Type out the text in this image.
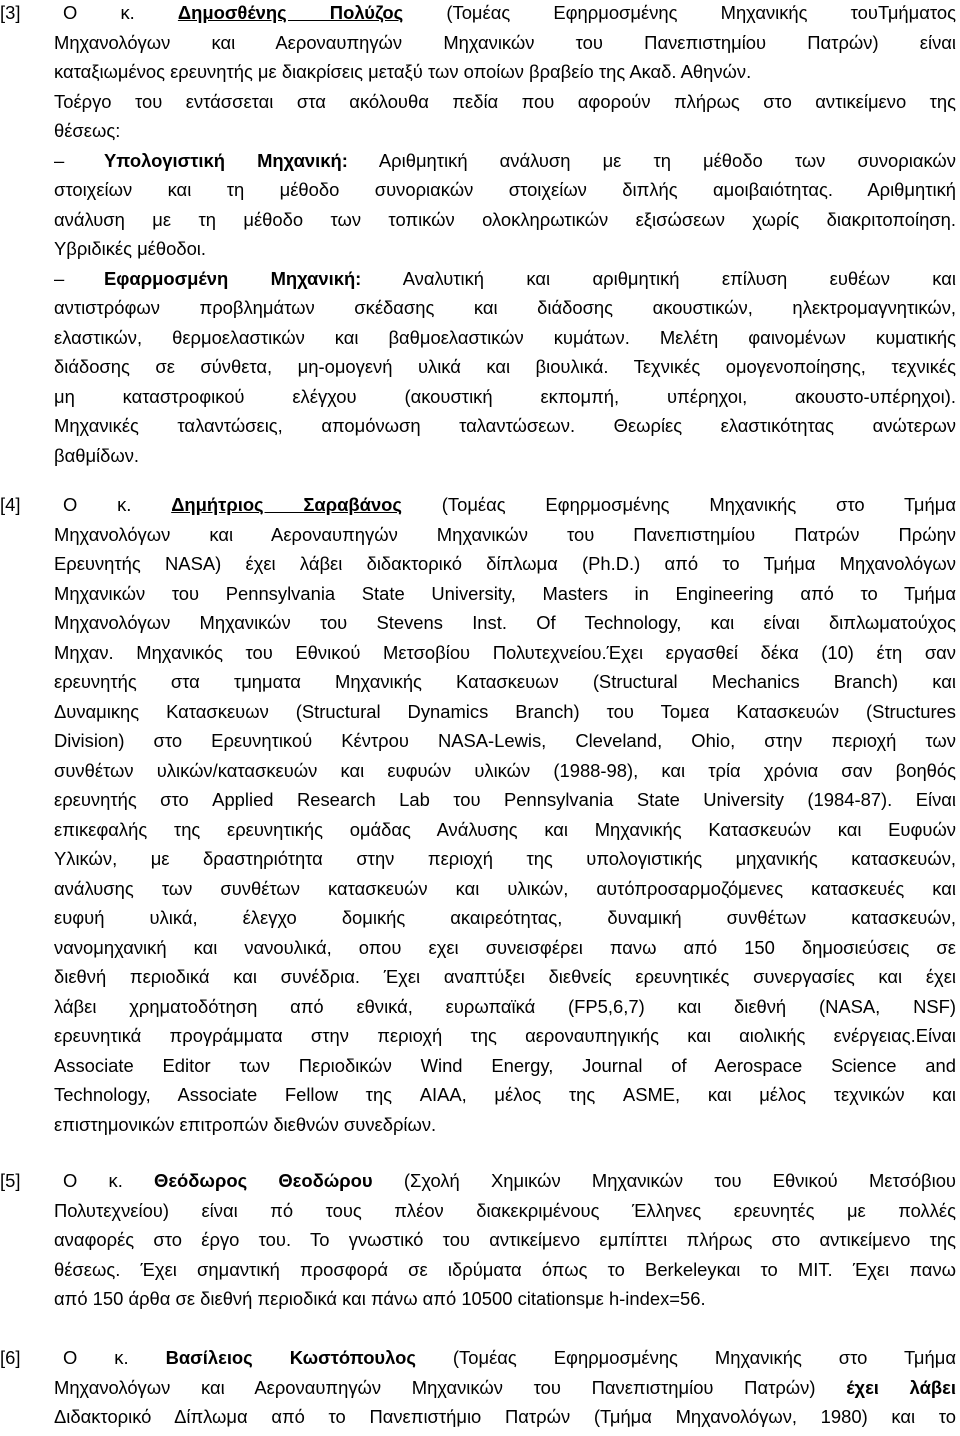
[3]	Ο κ. Δημοσθένης Πολύζος (Τομέας Εφηρμοσμένης Μηχανικής τουΤμήματος
Μηχανολόγων και Αεροναυπηγών Μηχανικών του Πανεπιστημίου Πατρών) είναι
καταξιωμένος ερευνητής με διακρίσεις μεταξύ των οποίων βραβείο της Ακαδ. Αθηνών.
Τοέργο του εντάσσεται στα ακόλουθα πεδία που αφορούν πλήρως στο αντικείμενο της
θέσεως:
– Υπολογιστική Μηχανική: Αριθμητική ανάλυση με τη μέθοδο των συνοριακών
στοιχείων και τη μέθοδο συνοριακών στοιχείων διπλής αμοιβαιότητας. Αριθμητική
ανάλυση με τη μέθοδο των τοπικών ολοκληρωτικών εξισώσεων χωρίς διακριτοποίηση.
Υβριδικές μέθοδοι.
– Εφαρμοσμένη Μηχανική: Αναλυτική και αριθμητική επίλυση ευθέων και
αντιστρόφων προβλημάτων σκέδασης και διάδοσης ακουστικών, ηλεκτρομαγνητικών,
ελαστικών, θερμοελαστικών και βαθμοελαστικών κυμάτων. Μελέτη φαινομένων κυματικής
διάδοσης σε σύνθετα, μη-ομογενή υλικά και βιουλικά. Τεχνικές ομογενοποίησης, τεχνικές
μη καταστροφικού ελέγχου (ακουστική εκπομπή, υπέρηχοι, ακουστο-υπέρηχοι).
Μηχανικές ταλαντώσεις, απομόνωση ταλαντώσεων. Θεωρίες ελαστικότητας ανώτερων
βαθμίδων.
[4]	Ο κ. Δημήτριος Σαραβάνος (Τομέας Εφηρμοσμένης Μηχανικής στο Τμήμα
Μηχανολόγων και Αεροναυπηγών Μηχανικών του Πανεπιστημίου Πατρών Πρώην
Ερευνητής NASA) έχει λάβει διδακτορικό δίπλωμα (Ph.D.) από το Τμήμα Μηχανολόγων
Μηχανικών του Pennsylvania State University, Masters in Engineering από το Τμήμα
Μηχανολόγων Μηχανικών του Stevens Inst. Of Technology, και είναι διπλωματούχος
Μηχαν. Μηχανικός του Εθνικού Μετσοβίου Πολυτεχνείου.Έχει εργασθεί δέκα (10) έτη σαν
ερευνητής στα τμηματα Μηχανικής Κατασκευων (Structural Mechanics Branch) και
Δυναμικης Κατασκευων (Structural Dynamics Branch) του Τομεα Κατασκευών (Structures
Division) στο Ερευνητικού Κέντρου NASA-Lewis, Cleveland, Ohio, στην περιοχή των
συνθέτων υλικών/κατασκευών και ευφυών υλικών (1988-98), και τρία χρόνια σαν βοηθός
ερευνητής στο Applied Research Lab του Pennsylvania State University (1984-87). Είναι
επικεφαλής της ερευνητικής ομάδας Ανάλυσης και Μηχανικής Κατασκευών και Ευφυών
Υλικών, με δραστηριότητα στην περιοχή της υπολογιστικής μηχανικής κατασκευών,
ανάλυσης των συνθέτων κατασκευών και υλικών, αυτόπροσαρμοζόμενες κατασκευές και
ευφυή υλικά, έλεγχο δομικής ακαιρεότητας, δυναμική συνθέτων κατασκευών,
νανομηχανική και νανουλικά, οπου εχει συνεισφέρει πανω από 150 δημοσιεύσεις σε
διεθνή περιοδικά και συνέδρια. Έχει αναπτύξει διεθνείς ερευνητικές συνεργασίες και έχει
λάβει χρηματοδότηση από εθνικά, ευρωπαϊκά (FP5,6,7) και διεθνή (NASA, NSF)
ερευνητικά προγράμματα στην περιοχή της αεροναυπηγικής και αιολικής ενέργειας.Είναι
Associate Editor των Περιοδικών Wind Energy, Journal of Aerospace Science and
Technology, Associate Fellow της AIAA, μέλος της ASME, και μέλος τεχνικών και
επιστημονικών επιτροπών διεθνών συνεδρίων.
[5]	Ο κ. Θεόδωρος Θεοδώρου (Σχολή Χημικών Μηχανικών του Εθνικού Μετσόβιου
Πολυτεχνείου) είναι πό τους πλέον διακεκριμένους Έλληνες ερευνητές με πολλές
αναφορές στο έργο του. Το γνωστικό του αντικείμενο εμπίπτει πλήρως στο αντικείμενο της
θέσεως. Έχει σημαντική προσφορά σε ιδρύματα όπως το Berkeleyκαι το MIT. Έχει πανω
από 150 άρθα σε διεθνή περιοδικά και πάνω από 10500 citationsμε h-index=56.
[6]	Ο κ. Βασίλειος Κωστόπουλος (Τομέας Εφηρμοσμένης Μηχανικής στο Τμήμα
Μηχανολόγων και Αεροναυπηγών Μηχανικών του Πανεπιστημίου Πατρών) έχει λάβει
Διδακτορικό Δίπλωμα από το Πανεπιστήμιο Πατρών (Τμήμα Μηχανολόγων, 1980) και το
